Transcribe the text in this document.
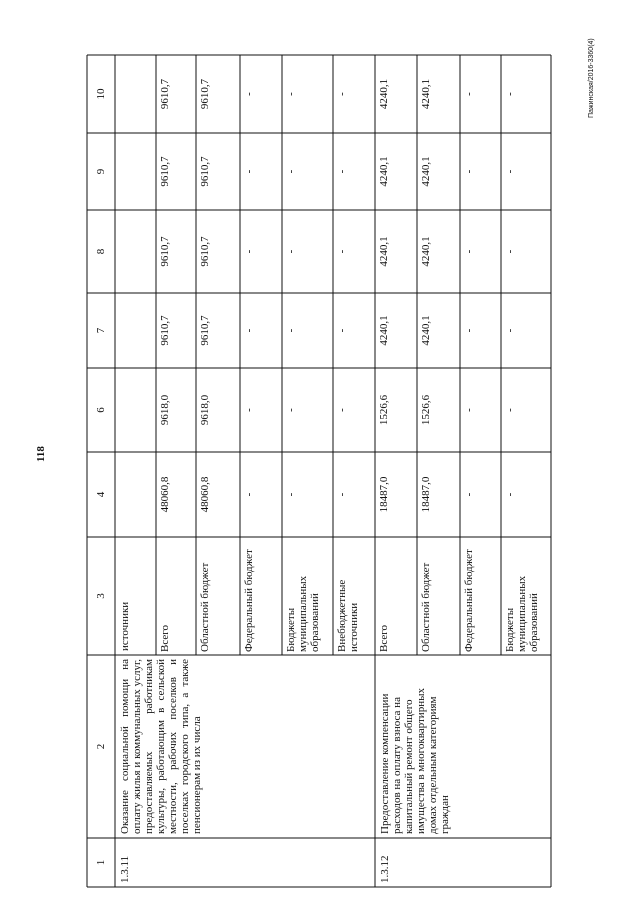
1
2
3
4
6
7
8
9
10
источники
1.3.11
Оказание социальной помощи на оплату жилья и коммунальных услуг, предоставляемых работникам культуры, работающим в сельской местности, рабочих поселков и поселках городского типа, а также пенсионерам из их числа
Всего
48060,8
9618,0
9610,7
9610,7
9610,7
9610,7
Областной бюджет
48060,8
9618,0
9610,7
9610,7
9610,7
9610,7
Федеральный бюджет
-
-
-
-
-
-
Бюджеты муниципальных образований
-
-
-
-
-
-
Внебюджетные источники
-
-
-
-
-
-
1.3.12
Предоставление компенсации расходов на оплату взноса на капитальный ремонт общего имущества в многоквартирных домах отдельным категориям граждан
Всего
18487,0
1526,6
4240,1
4240,1
4240,1
4240,1
Областной бюджет
18487,0
1526,6
4240,1
4240,1
4240,1
4240,1
Федеральный бюджет
-
-
-
-
-
-
Бюджеты муниципальных образований
-
-
-
-
-
-
118
Пажинская/2016-3360(4)
